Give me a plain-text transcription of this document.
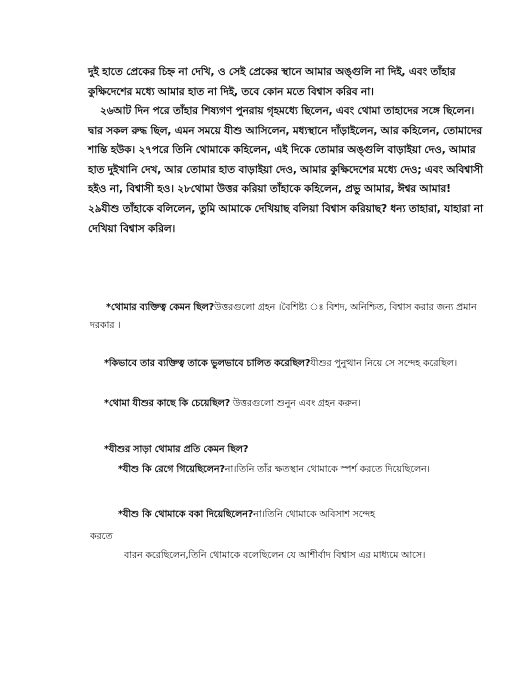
দুই হাতে প্রেকের চিহ্ন না দেখি, ও সেই প্রেকের স্থানে আমার অঙ্গুলি না দিই, এবং তাঁহার কুক্ষিদেশের মধ্যে আমার হাত না দিই, তবে কোন মতে বিশ্বাস করিব না।
২৬আট দিন পরে তাঁহার শিষ্যগণ পুনরায় গৃহমধ্যে ছিলেন, এবং থোমা তাহাদের সঙ্গে ছিলেন। দ্বার সকল রুদ্ধ ছিল, এমন সময়ে যীশু আসিলেন, মধ্যস্থানে দাঁড়াইলেন, আর কহিলেন, তোমাদের শান্তি হউক। ২৭পরে তিনি থোমাকে কহিলেন, এই দিকে তোমার অঙ্গুলি বাড়াইয়া দেও, আমার হাত দুইখানি দেখ, আর তোমার হাত বাড়াইয়া দেও, আমার কুক্ষিদেশের মধ্যে দেও; এবং অবিশ্বাসী হইও না, বিশ্বাসী হও। ২৮থোমা উত্তর করিয়া তাঁহাকে কহিলেন, প্রভু আমার, ঈশ্বর আমার! ২৯যীশু তাঁহাকে বলিলেন, তুমি আমাকে দেখিয়াছ বলিয়া বিশ্বাস করিয়াছ? ধন্য তাহারা, যাহারা না দেখিয়া বিশ্বাস করিল।
*থোমার ব্যক্তিত্ব কেমন ছিল?উত্তরগুলো গ্রহন ।বৈশিষ্ট্য ঃ বিশদ, অনিশ্চিত, বিশ্বাস করার জন্য প্রমান দরকার ।
*কিভাবে তার ব্যক্তিত্ব তাকে ভুলভাবে চালিত করেছিল?যীশুর পুনুত্থান নিয়ে সে সন্দেহ করেছিল।
*থোমা যীশুর কাছে কি চেয়েছিল? উত্তরগুলো শুনুন এবং গ্রহন করুন।
*যীশুর সাড়া থোমার প্রতি কেমন ছিল?
*যীশু কি রেগে গিয়েছিলেন?না।তিনি তাঁর ক্ষতস্থান থোমাকে স্পর্শ করতে দিয়েছিলেন।
*যীশু কি থোমাকে বকা দিয়েছিলেন?না।তিনি থোমাকে অবিসাশ সন্দেহ
করতে
বারন করেছিলেন,তিনি থোমাকে বলেছিলেন যে আশীর্বাদ বিশ্বাস এর মাধ্যমে আসে।
